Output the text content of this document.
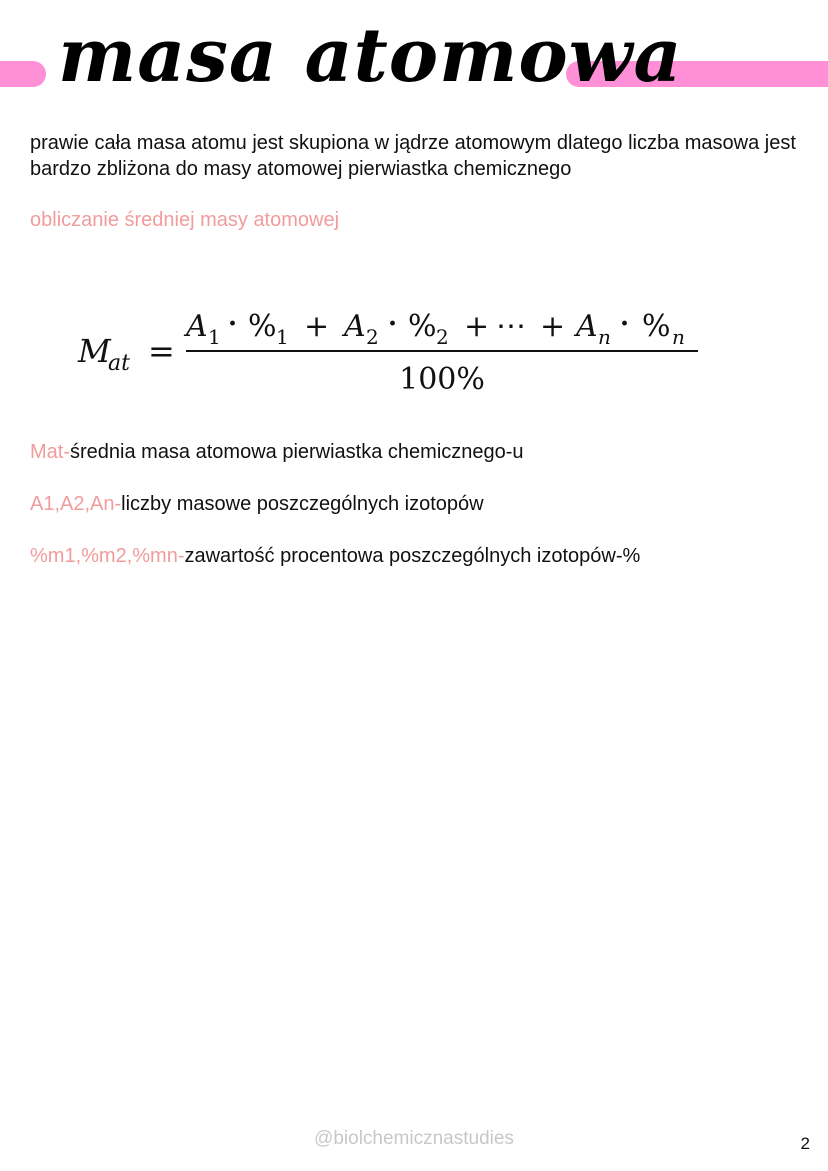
masa atomowa

prawie cała masa atomu jest skupiona w jądrze atomowym dlatego liczba masowa jest bardzo zbliżona do masy atomowej pierwiastka chemicznego

obliczanie średniej masy atomowej

M
at =
A 1 · % 1 + A 2 · % 2 + ⋯ + A n · % n
100%

Mat-średnia masa atomowa pierwiastka chemicznego-u

A1,A2,An-liczby masowe poszczególnych izotopów

%m1,%m2,%mn-zawartość procentowa poszczególnych izotopów-%

@biolchemicznastudies	2
